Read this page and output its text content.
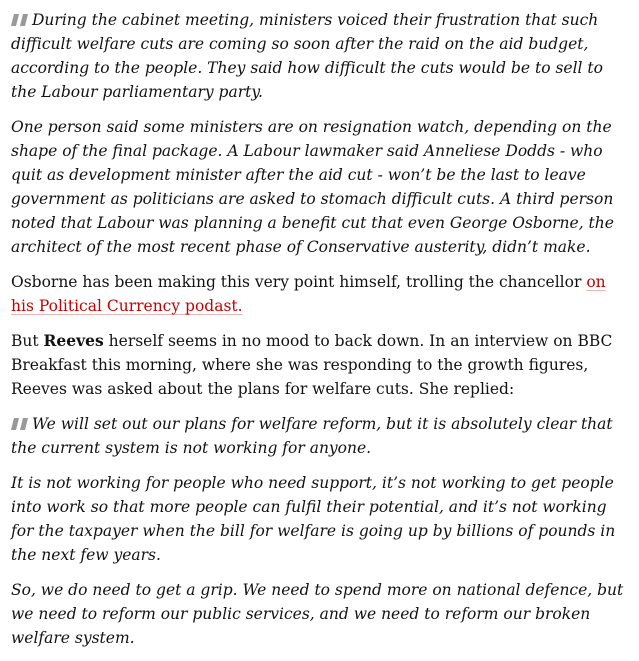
During the cabinet meeting, ministers voiced their frustration that such difficult welfare cuts are coming so soon after the raid on the aid budget, according to the people. They said how difficult the cuts would be to sell to the Labour parliamentary party.

One person said some ministers are on resignation watch, depending on the shape of the final package. A Labour lawmaker said Anneliese Dodds - who quit as development minister after the aid cut - won’t be the last to leave government as politicians are asked to stomach difficult cuts. A third person noted that Labour was planning a benefit cut that even George Osborne, the architect of the most recent phase of Conservative austerity, didn’t make.

Osborne has been making this very point himself, trolling the chancellor on his Political Currency podast.

But Reeves herself seems in no mood to back down. In an interview on BBC Breakfast this morning, where she was responding to the growth figures, Reeves was asked about the plans for welfare cuts. She replied:

We will set out our plans for welfare reform, but it is absolutely clear that the current system is not working for anyone.

It is not working for people who need support, it’s not working to get people into work so that more people can fulfil their potential, and it’s not working for the taxpayer when the bill for welfare is going up by billions of pounds in the next few years.

So, we do need to get a grip. We need to spend more on national defence, but we need to reform our public services, and we need to reform our broken welfare system.
